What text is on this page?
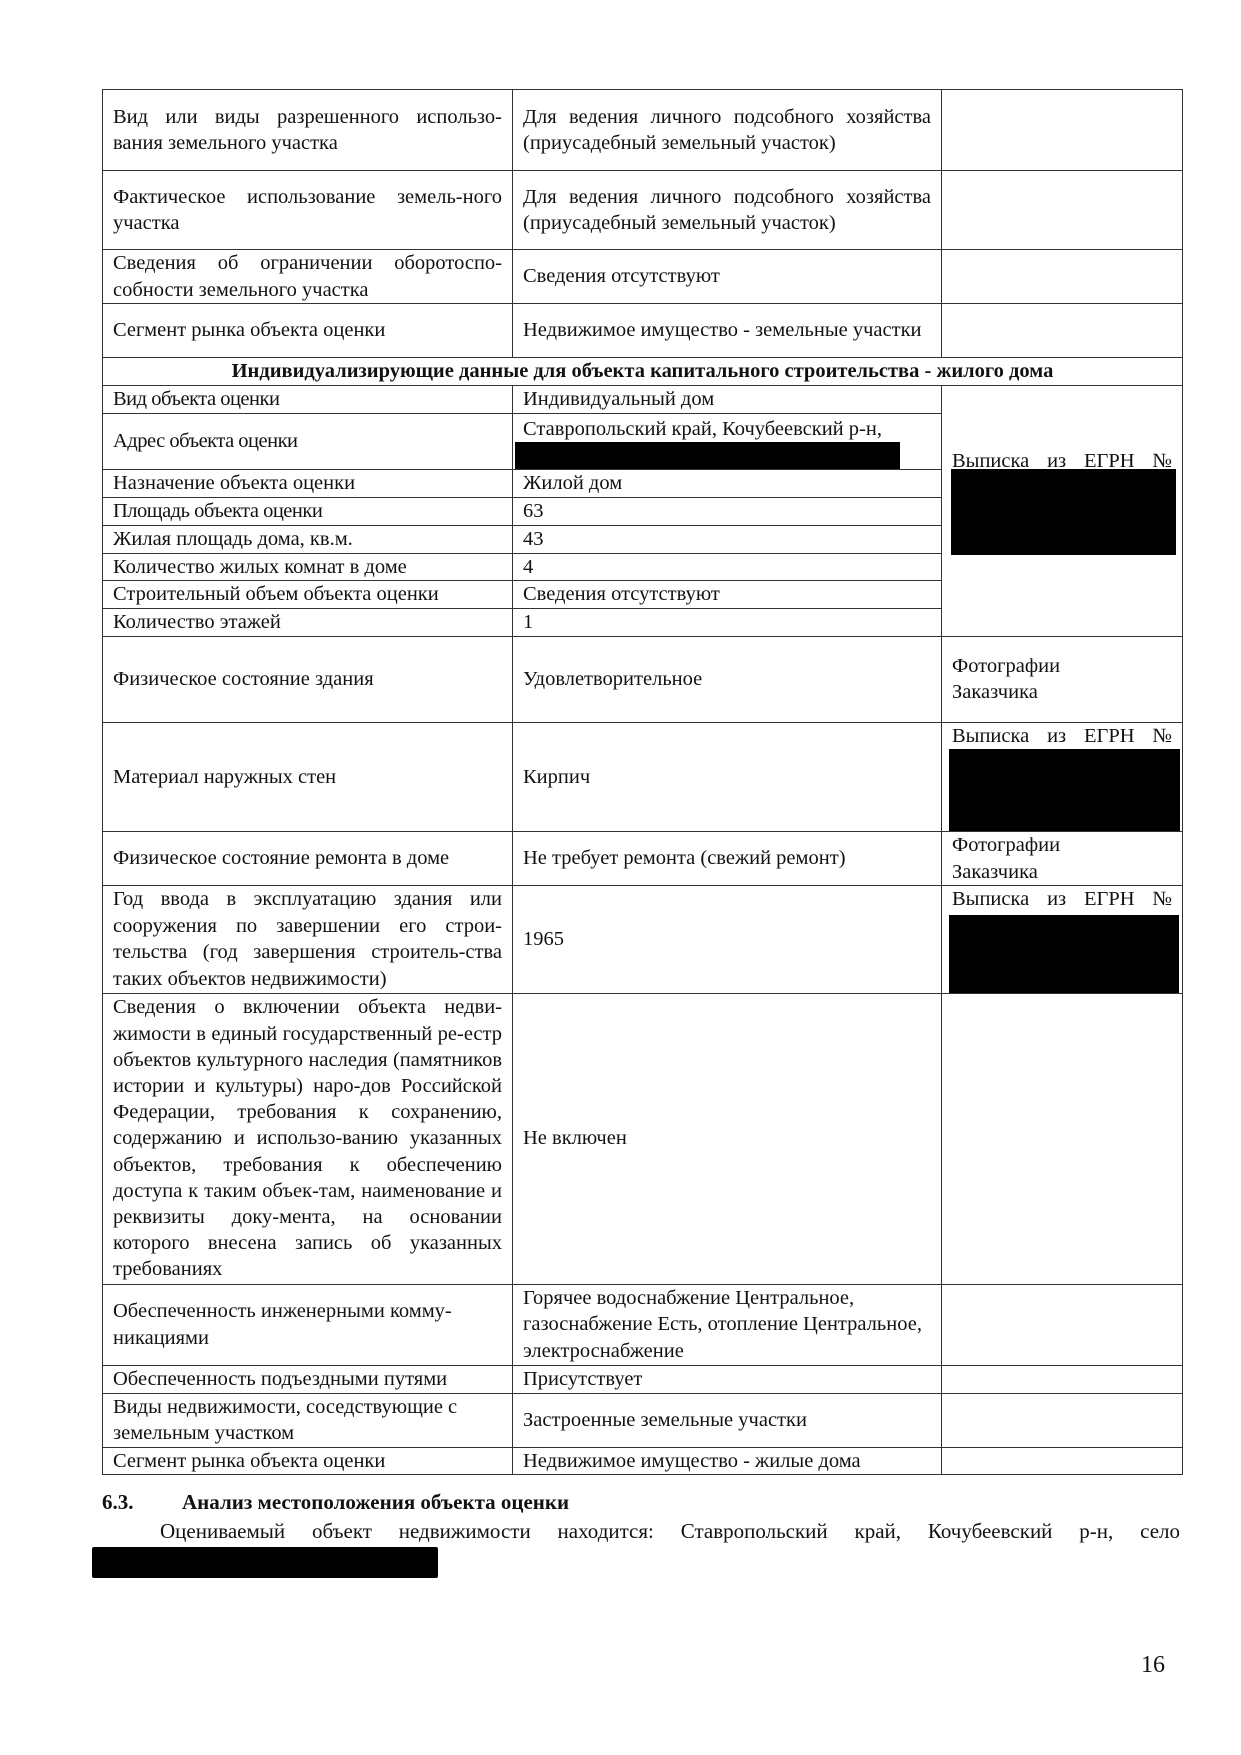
Вид или виды разрешенного использо-вания земельного участка	Для ведения личного подсобного хозяйства (приусадебный земельный участок)	
Фактическое использование земель-ного участка	Для ведения личного подсобного хозяйства (приусадебный земельный участок)	
Сведения об ограничении оборотоспо-собности земельного участка	Сведения отсутствуют	
Сегмент рынка объекта оценки	Недвижимое имущество - земельные участки	
Индивидуализирующие данные для объекта капитального строительства - жилого дома		
Вид объекта оценки	Индивидуальный дом	Выписка из ЕГРН №

Адрес объекта оценки	Ставропольский край, Кочубеевский р-н,	

Назначение объекта оценки	Жилой дом	
Площадь объекта оценки	63	
Жилая площадь дома, кв.м.	43	
Количество жилых комнат в доме	4	
Строительный объем объекта оценки	Сведения отсутствуют	
Количество этажей	1	
Физическое состояние здания	Удовлетворительное	Фотографии
Заказчика

Материал наружных стен	Кирпич	Выписка из ЕГРН №

Физическое состояние ремонта в доме	Не требует ремонта (свежий ремонт)	Фотографии
Заказчика

Год ввода в эксплуатацию здания или сооружения по завершении его строи-тельства (год завершения строитель-ства таких объектов недвижимости)	1965	Выписка из ЕГРН №

Сведения о включении объекта недви-жимости в единый государственный ре-естр объектов культурного наследия (памятников истории и культуры) наро-дов Российской Федерации, требования к сохранению, содержанию и использо-ванию указанных объектов, требования к обеспечению доступа к таким объек-там, наименование и реквизиты доку-мента, на основании которого внесена запись об указанных требованиях	Не включен	
Обеспеченность инженерными комму-никациями	Горячее водоснабжение Центральное, газоснабжение Есть, отопление Центральное, электроснабжение	
Обеспеченность подъездными путями	Присутствует	
Виды недвижимости, соседствующие с земельным участком	Застроенные земельные участки	
Сегмент рынка объекта оценки	Недвижимое имущество - жилые дома	
6.3. Анализ местоположения объекта оценки
Оцениваемый объект недвижимости находится: Ставропольский край, Кочубеевский р-н, село
16
